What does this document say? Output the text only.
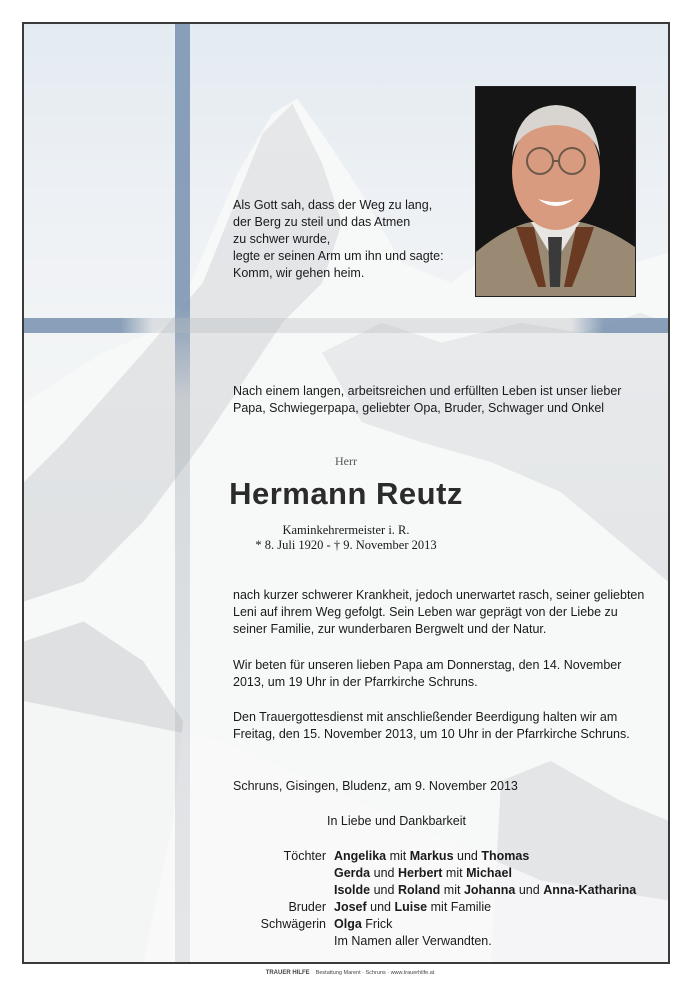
Als Gott sah, dass der Weg zu lang,
der Berg zu steil und das Atmen
zu schwer wurde,
legte er seinen Arm um ihn und sagte:
Komm, wir gehen heim.
Nach einem langen, arbeitsreichen und erfüllten Leben ist unser lieber Papa, Schwiegerpapa, geliebter Opa, Bruder, Schwager und Onkel
Herr
Hermann Reutz
Kaminkehrermeister i. R.
* 8. Juli 1920 - † 9. November 2013
nach kurzer schwerer Krankheit, jedoch unerwartet rasch, seiner geliebten Leni auf ihrem Weg gefolgt. Sein Leben war geprägt von der Liebe zu seiner Familie, zur wunderbaren Bergwelt und der Natur.
Wir beten für unseren lieben Papa am Donnerstag, den 14. November 2013, um 19 Uhr in der Pfarrkirche Schruns.
Den Trauergottesdienst mit anschließender Beerdigung halten wir am Freitag, den 15. November 2013, um 10 Uhr in der Pfarrkirche Schruns.
Schruns, Gisingen, Bludenz, am 9. November 2013
In Liebe und Dankbarkeit
Töchter Angelika mit Markus und Thomas
Gerda und Herbert mit Michael
Isolde und Roland mit Johanna und Anna-Katharina
Bruder Josef und Luise mit Familie
Schwägerin Olga Frick
Im Namen aller Verwandten.
TRAUER HILFE Bestattung Marent · Schruns · www.trauerhilfe.at
